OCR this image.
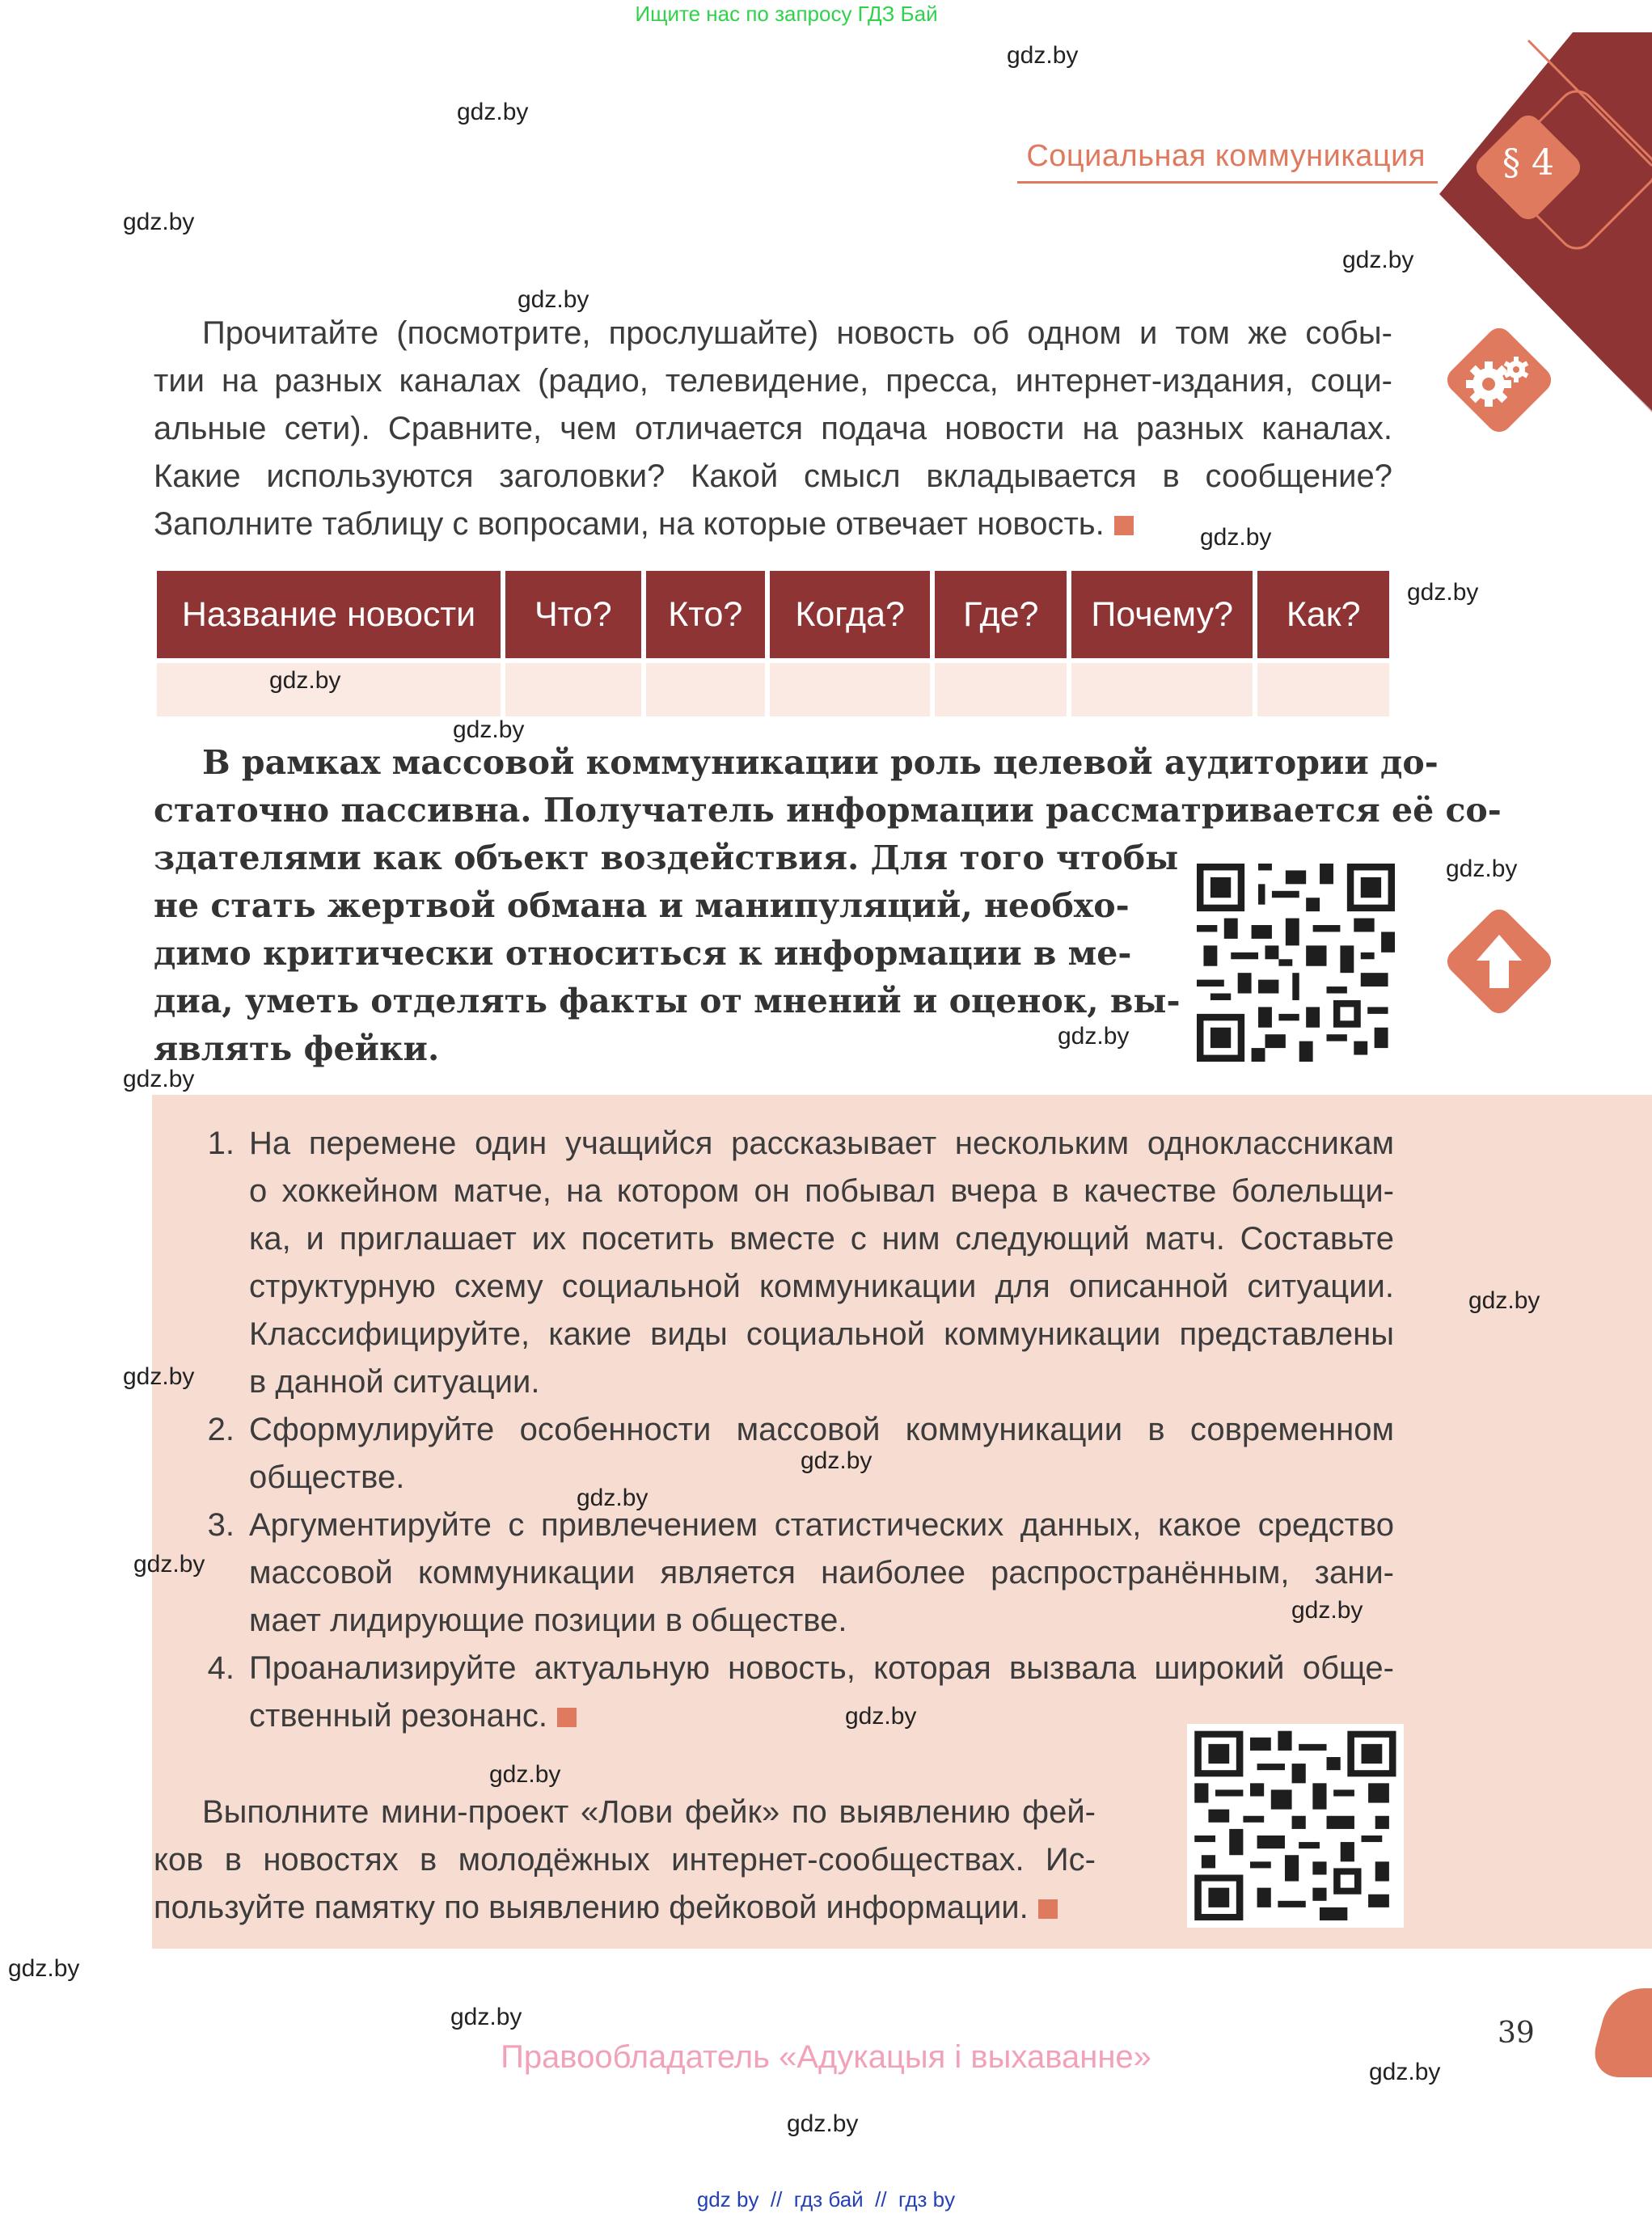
Ищите нас по запросу ГДЗ Бай
Социальная коммуникация	§ 4
Прочитайте (посмотрите, прослушайте) новость об одном и том же собы-
тии на разных каналах (радио, телевидение, пресса, интернет-издания, соци-
альные сети). Сравните, чем отличается подача новости на разных каналах.
Какие используются заголовки? Какой смысл вкладывается в сообщение?
Заполните таблицу с вопросами, на которые отвечает новость.
Название новости	Что?	Кто?	Когда?	Где?	Почему?	Как?

В рамках массовой коммуникации роль целевой аудитории до-
статочно пассивна. Получатель информации рассматривается её со-
здателями как объект воздействия. Для того чтобы
не стать жертвой обмана и манипуляций, необхо-
димо критически относиться к информации в ме-
диа, уметь отделять факты от мнений и оценок, вы-
являть фейки.
1. На перемене один учащийся рассказывает нескольким одноклассникам
о хоккейном матче, на котором он побывал вчера в качестве болельщи-
ка, и приглашает их посетить вместе с ним следующий матч. Составьте
структурную схему социальной коммуникации для описанной ситуации.
Классифицируйте, какие виды социальной коммуникации представлены
в данной ситуации.
2. Сформулируйте особенности массовой коммуникации в современном
обществе.
3. Аргументируйте с привлечением статистических данных, какое средство
массовой коммуникации является наиболее распространённым, зани-
мает лидирующие позиции в обществе.
4. Проанализируйте актуальную новость, которая вызвала широкий обще-
ственный резонанс.
Выполните мини-проект «Лови фейк» по выявлению фей-
ков в новостях в молодёжных интернет-сообществах. Ис-
пользуйте памятку по выявлению фейковой информации.
39
Правообладатель «Адукацыя і выхаванне»
gdz by  //  гдз бай  //  гдз by
gdz.by
gdz.by
gdz.by
gdz.by
gdz.by
gdz.by
gdz.by
gdz.by
gdz.by
gdz.by
gdz.by
gdz.by
gdz.by
gdz.by
gdz.by
gdz.by
gdz.by
gdz.by
gdz.by
gdz.by
gdz.by
gdz.by
gdz.by
gdz.by
